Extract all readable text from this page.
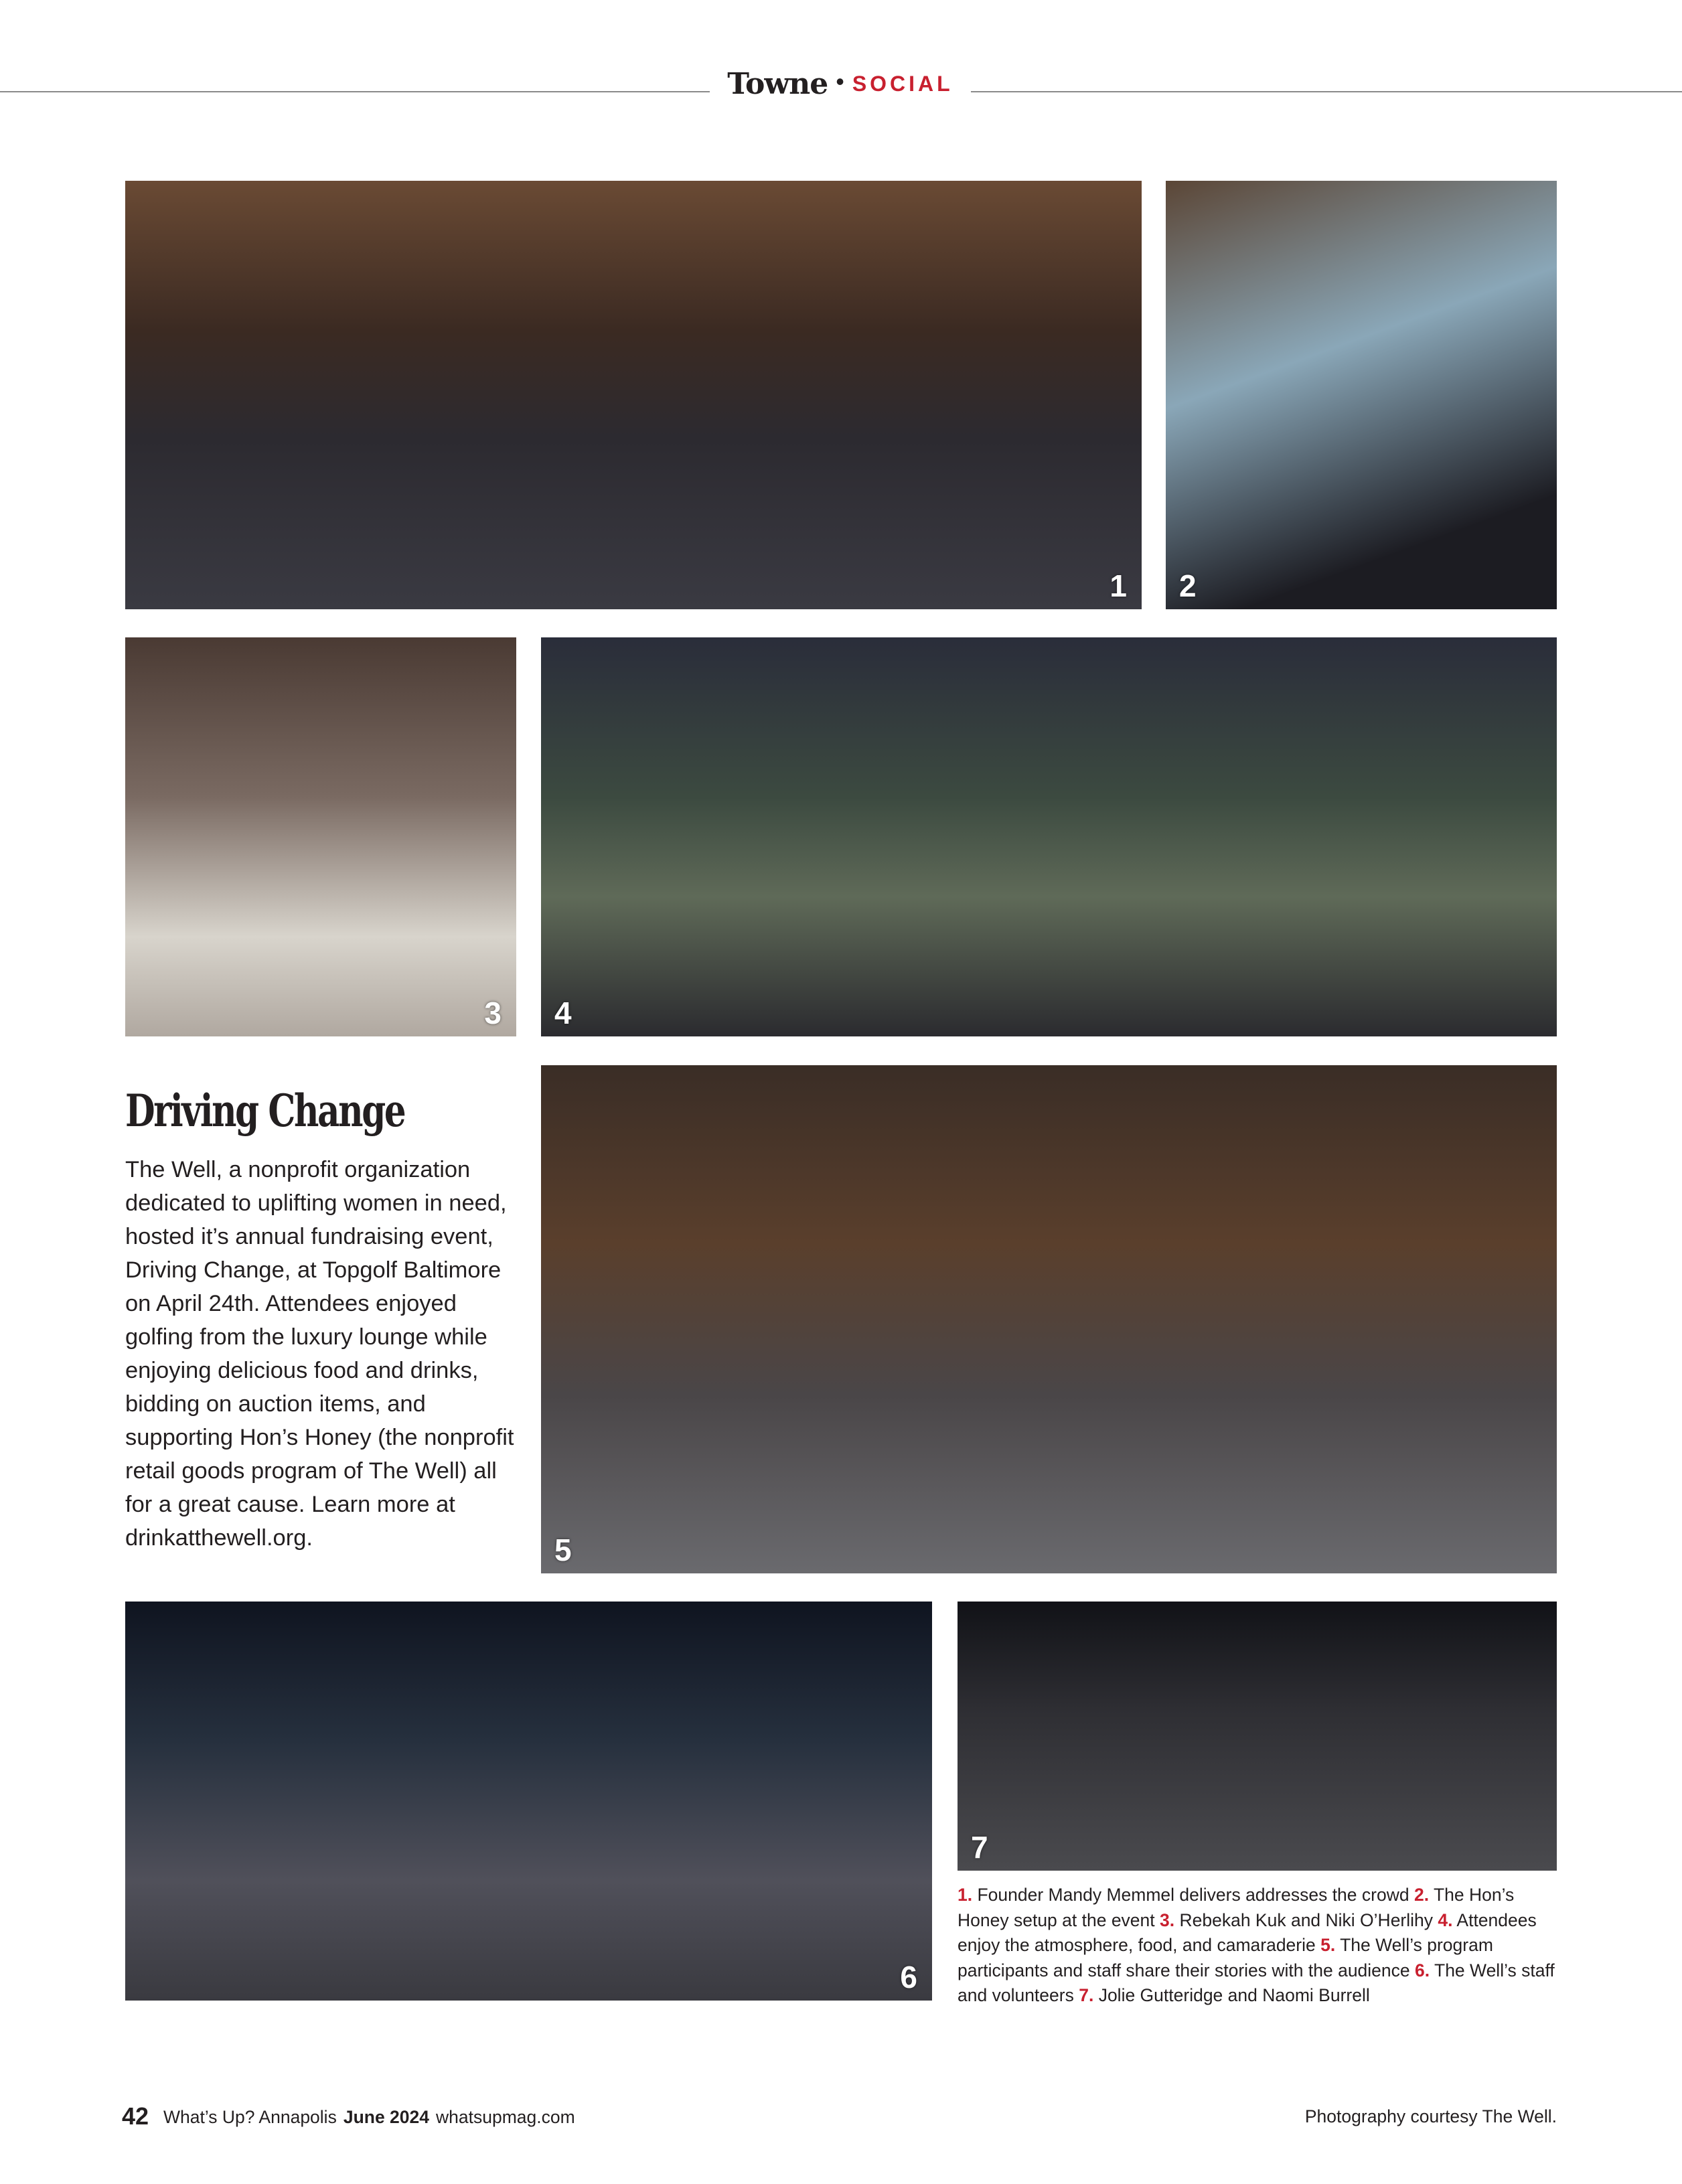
Towne • SOCIAL
1 2
3 4
5
6
7
Driving Change
The Well, a nonprofit organization dedicated to uplifting women in need, hosted it’s annual fundraising event, Driving Change, at Topgolf Baltimore on April 24th. Attendees enjoyed golfing from the luxury lounge while enjoying delicious food and drinks, bidding on auction items, and supporting Hon’s Honey (the nonprofit retail goods program of The Well) all for a great cause. Learn more at drinkatthewell.org.
1. Founder Mandy Memmel delivers addresses the crowd 2. The Hon’s Honey setup at the event 3. Rebekah Kuk and Niki O’Herlihy 4. Attendees enjoy the atmosphere, food, and camaraderie 5. The Well’s program participants and staff share their stories with the audience 6. The Well’s staff and volunteers 7. Jolie Gutteridge and Naomi Burrell
42 What’s Up? Annapolis June 2024 whatsupmag.com	Photography courtesy The Well.
